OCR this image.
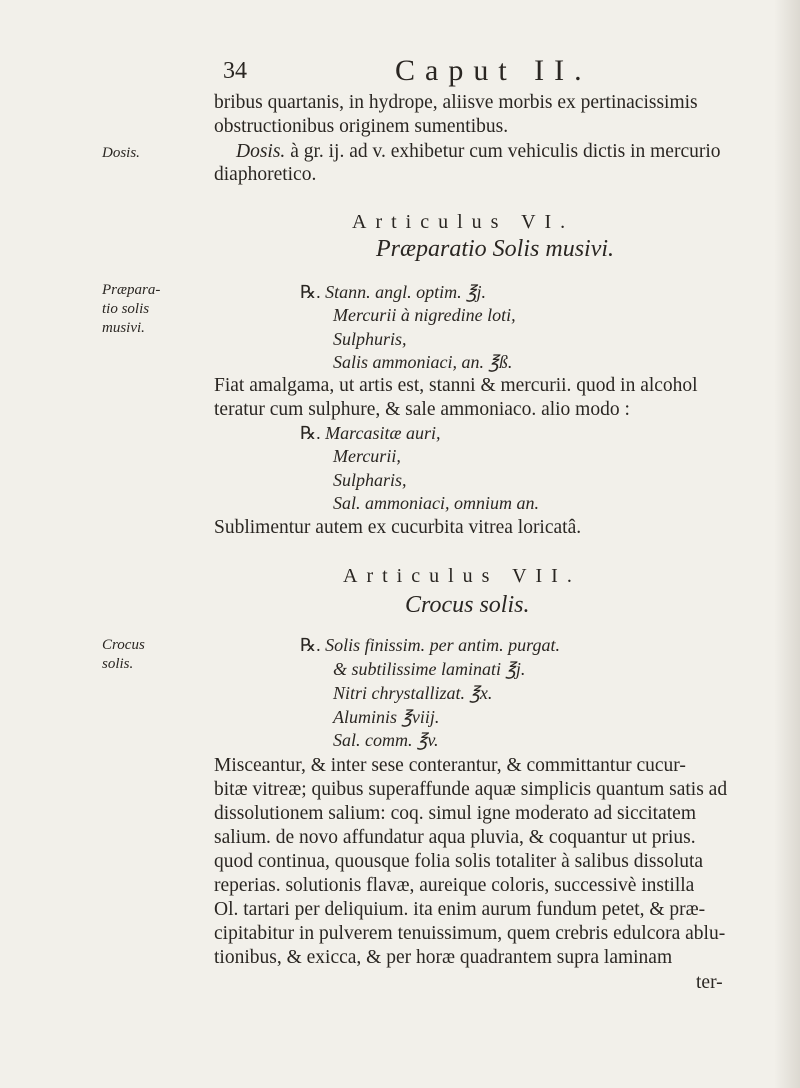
34	Caput II.
bribus quartanis, in hydrope, aliisve morbis ex pertinacissimis
obstructionibus originem sumentibus.
Dosis.	Dosis. à gr. ij. ad v. exhibetur cum vehiculis dictis in mercurio
diaphoretico.
Articulus VI.
Præparatio Solis musivi.
Præpara-
tio solis
musivi.
℞. Stann. angl. optim. ℥j.
Mercurii à nigredine loti,
Sulphuris,
Salis ammoniaci, an. ℥ß.
Fiat amalgama, ut artis est, stanni & mercurii. quod in alcohol
teratur cum sulphure, & sale ammoniaco. alio modo :
℞. Marcasitæ auri,
Mercurii,
Sulpharis,
Sal. ammoniaci, omnium an.
Sublimentur autem ex cucurbita vitrea loricatâ.
Articulus VII.
Crocus solis.
Crocus
solis.
℞. Solis finissim. per antim. purgat.
& subtilissime laminati ℥j.
Nitri chrystallizat. ℥x.
Aluminis ℥viij.
Sal. comm. ℥v.
Misceantur, & inter sese conterantur, & committantur cucur-
bitæ vitreæ; quibus superaffunde aquæ simplicis quantum satis ad
dissolutionem salium: coq. simul igne moderato ad siccitatem
salium. de novo affundatur aqua pluvia, & coquantur ut prius.
quod continua, quousque folia solis totaliter à salibus dissoluta
reperias. solutionis flavæ, aureique coloris, successivè instilla
Ol. tartari per deliquium. ita enim aurum fundum petet, & præ-
cipitabitur in pulverem tenuissimum, quem crebris edulcora ablu-
tionibus, & exicca, & per horæ quadrantem supra laminam
ter-
